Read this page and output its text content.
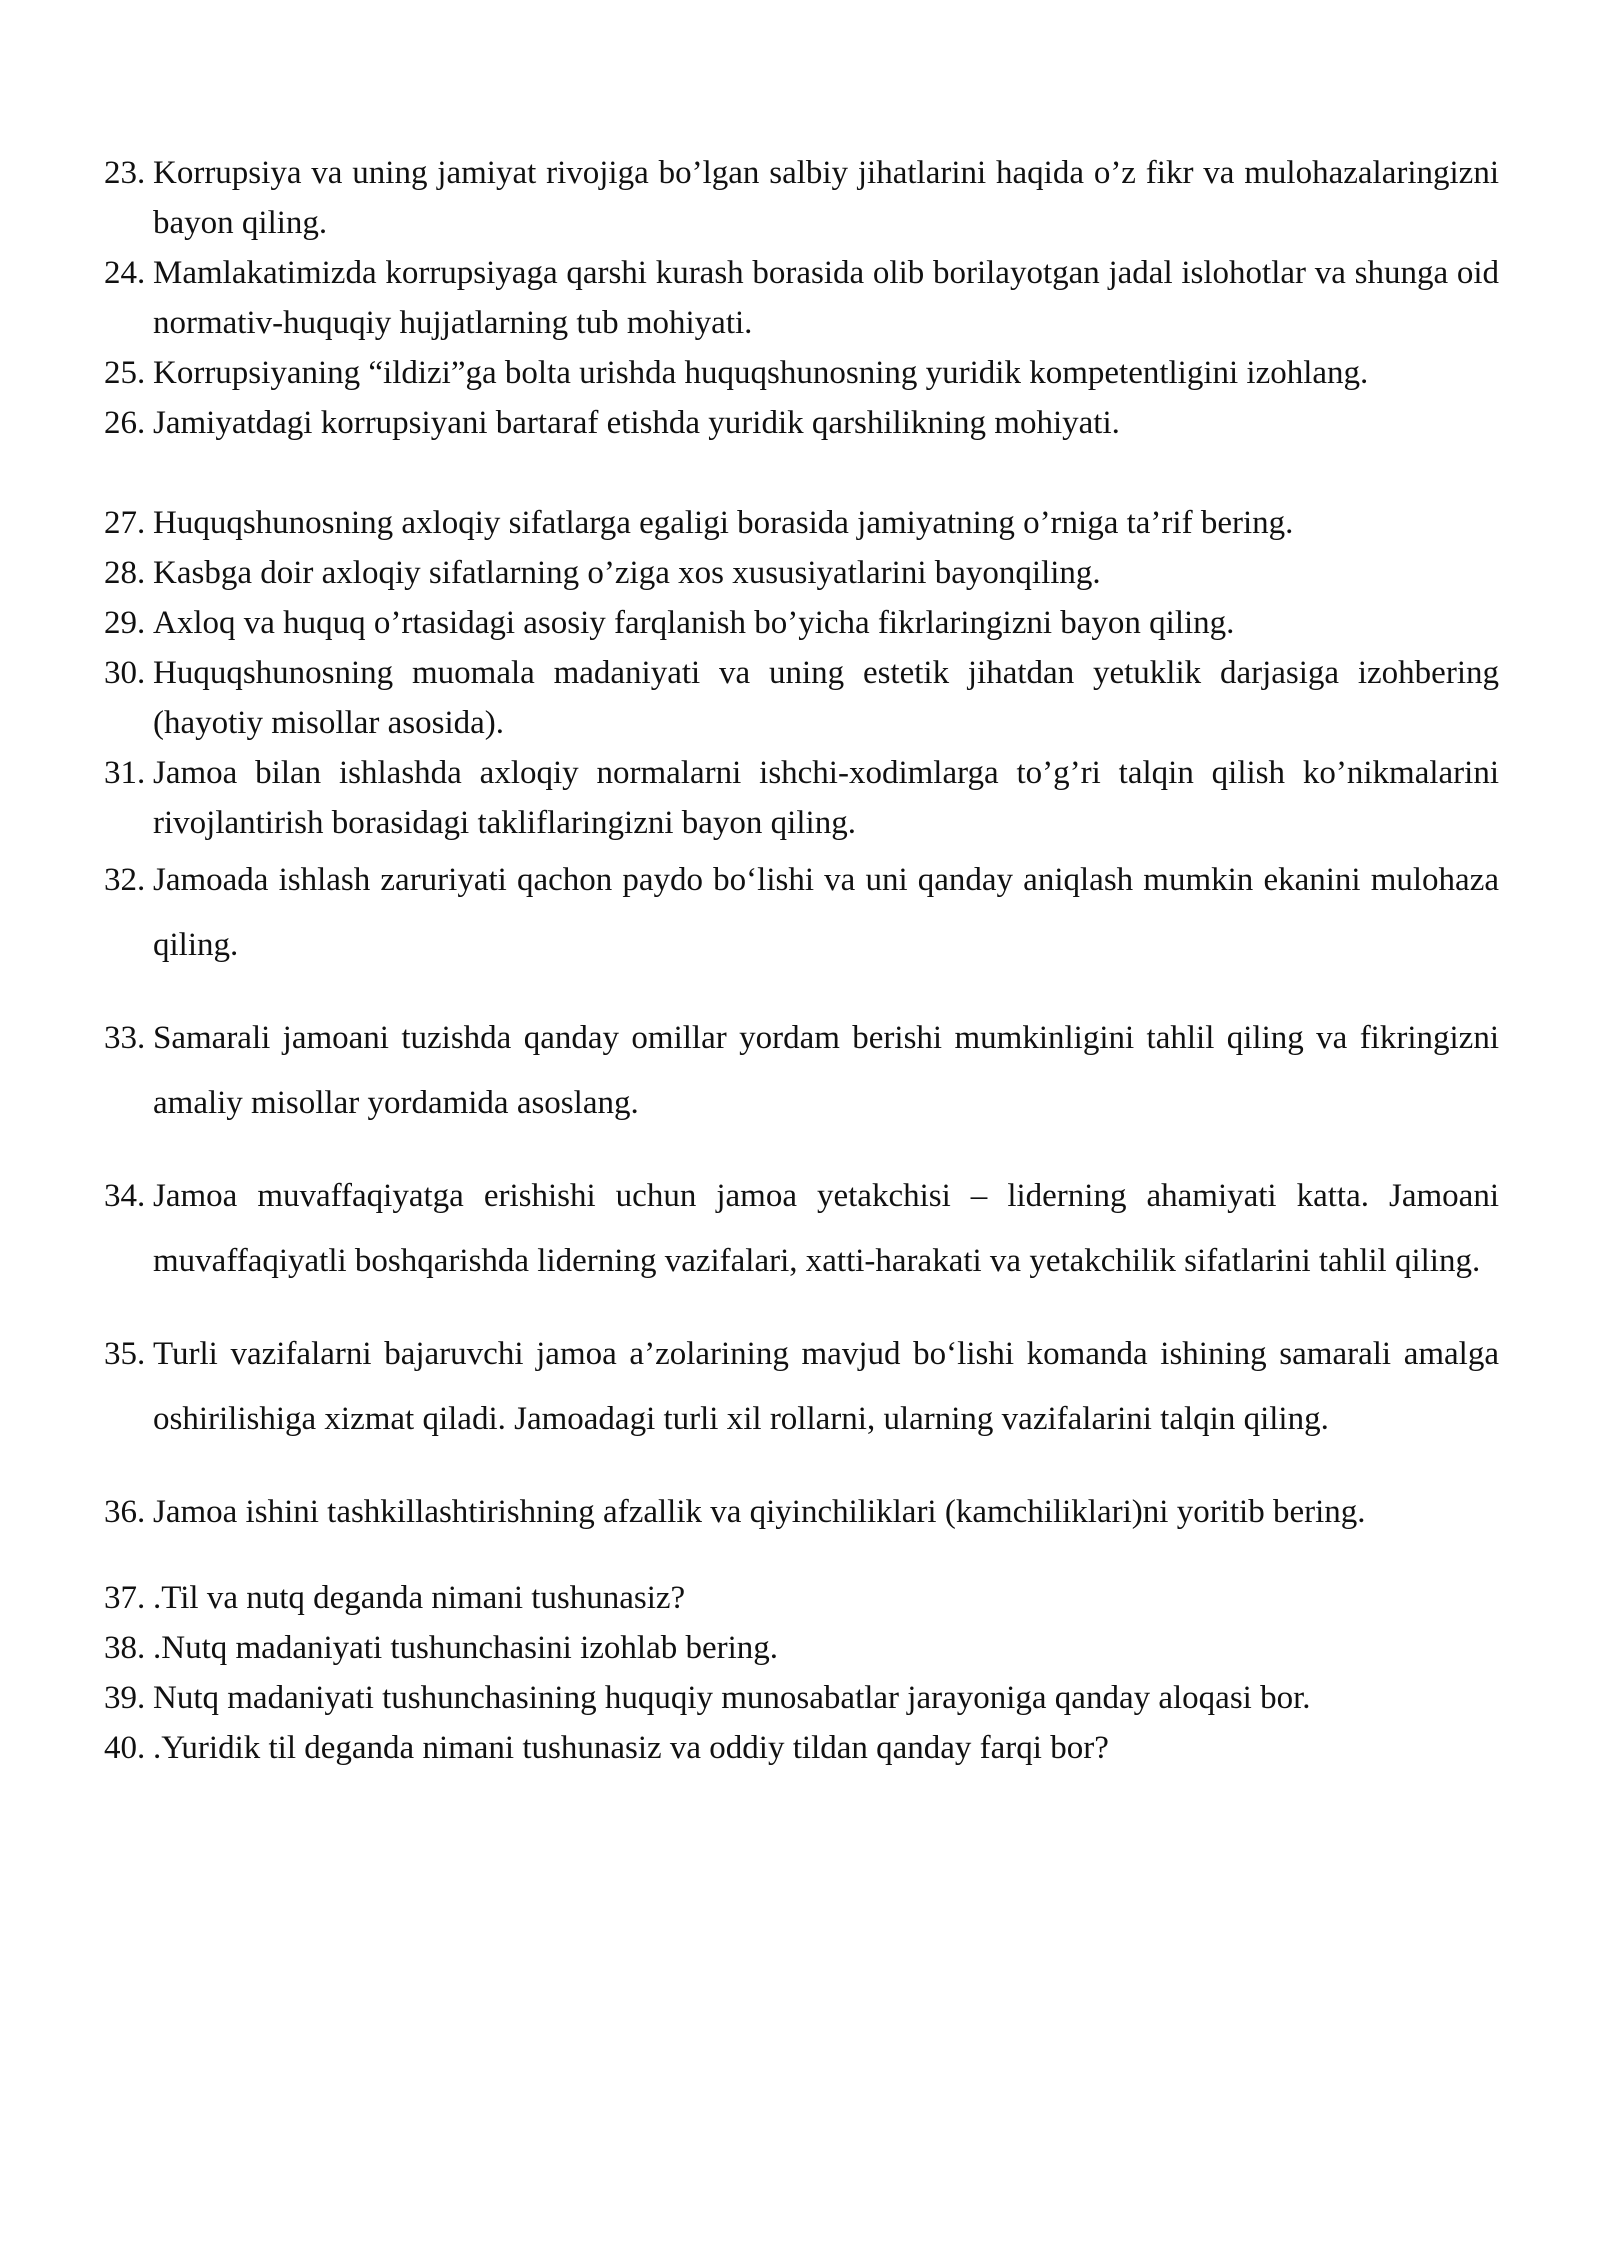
23. Korrupsiya va uning jamiyat rivojiga bo’lgan salbiy jihatlarini haqida o’z fikr va mulohazalaringizni bayon qiling.
24. Mamlakatimizda korrupsiyaga qarshi kurash borasida olib borilayotgan jadal islohotlar va shunga oid normativ-huquqiy hujjatlarning tub mohiyati.
25. Korrupsiyaning “ildizi”ga bolta urishda huquqshunosning yuridik kompetentligini izohlang.
26. Jamiyatdagi korrupsiyani bartaraf etishda yuridik qarshilikning mohiyati.
27. Huquqshunosning axloqiy sifatlarga egaligi borasida jamiyatning o’rniga ta’rif bering.
28. Kasbga doir axloqiy sifatlarning o’ziga xos xususiyatlarini bayonqiling.
29. Axloq va huquq o’rtasidagi asosiy farqlanish bo’yicha fikrlaringizni bayon qiling.
30. Huquqshunosning muomala madaniyati va uning estetik jihatdan yetuklik darjasiga izohbering (hayotiy misollar asosida).
31. Jamoa bilan ishlashda axloqiy normalarni ishchi-xodimlarga to’g’ri talqin qilish ko’nikmalarini rivojlantirish borasidagi takliflaringizni bayon qiling.
32. Jamoada ishlash zaruriyati qachon paydo bo‘lishi va uni qanday aniqlash mumkin ekanini mulohaza qiling.
33. Samarali jamoani tuzishda qanday omillar yordam berishi mumkinligini tahlil qiling va fikringizni amaliy misollar yordamida asoslang.
34. Jamoa muvaffaqiyatga erishishi uchun jamoa yetakchisi – liderning ahamiyati katta. Jamoani muvaffaqiyatli boshqarishda liderning vazifalari, xatti-harakati va yetakchilik sifatlarini tahlil qiling.
35. Turli vazifalarni bajaruvchi jamoa a’zolarining mavjud bo‘lishi komanda ishining samarali amalga oshirilishiga xizmat qiladi. Jamoadagi turli xil rollarni, ularning vazifalarini talqin qiling.
36. Jamoa ishini tashkillashtirishning afzallik va qiyinchiliklari (kamchiliklari)ni yoritib bering.
37. .Til va nutq deganda nimani tushunasiz?
38. .Nutq madaniyati tushunchasini izohlab bering.
39. Nutq madaniyati tushunchasining huquqiy munosabatlar jarayoniga qanday aloqasi bor.
40. .Yuridik til deganda nimani tushunasiz va oddiy tildan qanday farqi bor?
